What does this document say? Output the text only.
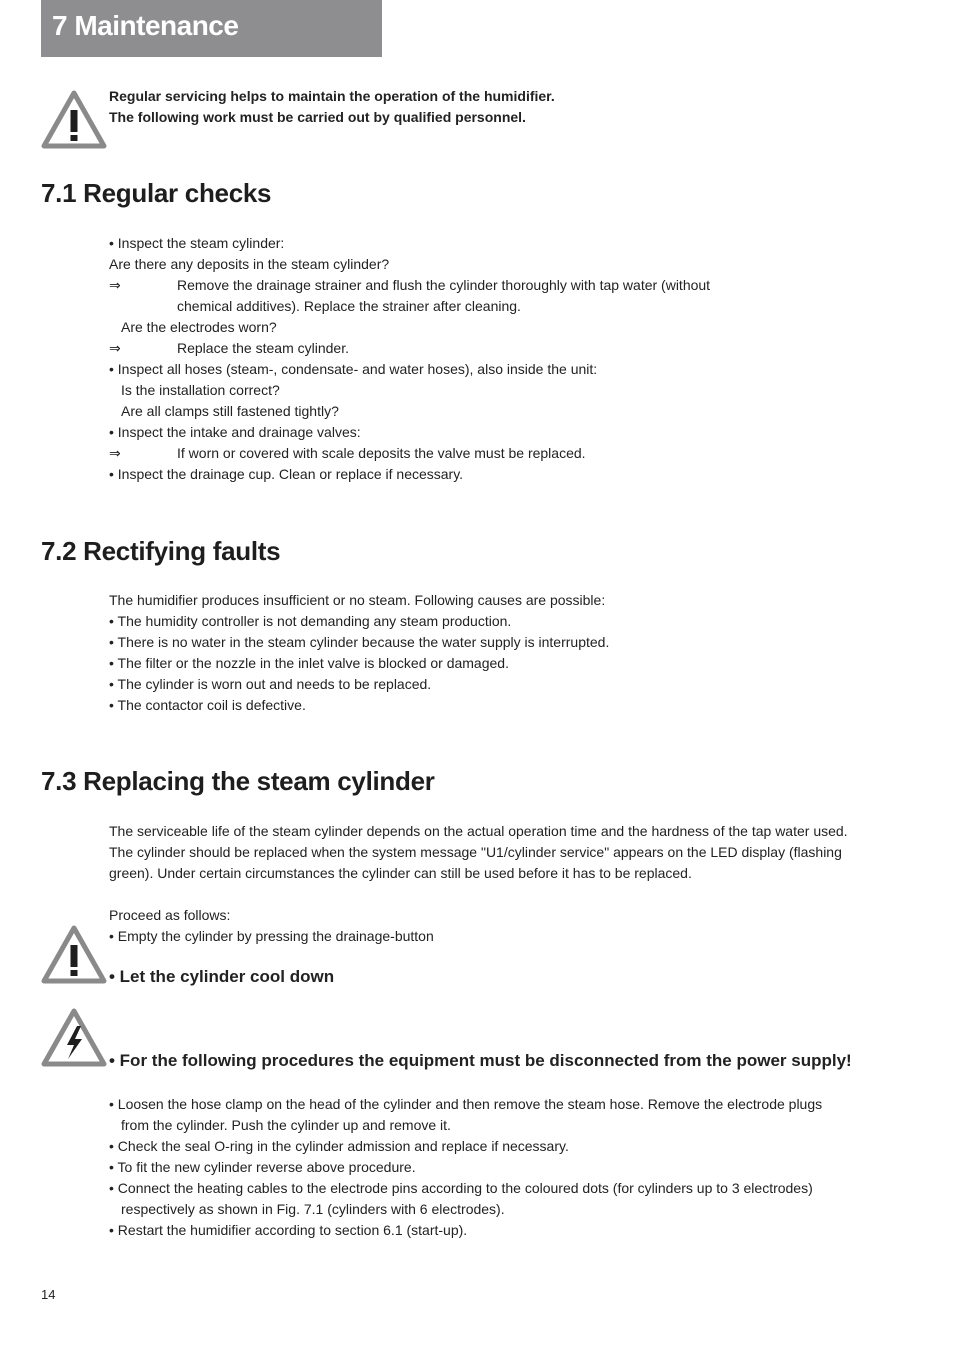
7 Maintenance
Regular servicing helps to maintain the operation of the humidifier.
The following work must be carried out by qualified personnel.
7.1 Regular checks
• Inspect the steam cylinder:
Are there any deposits in the steam cylinder?
⇒	Remove the drainage strainer and flush the cylinder thoroughly with tap water (without
chemical additives). Replace the strainer after cleaning.
Are the electrodes worn?
⇒	Replace the steam cylinder.
• Inspect all hoses (steam-, condensate- and water hoses), also inside the unit:
Is the installation correct?
Are all clamps still fastened tightly?
• Inspect the intake and drainage valves:
⇒	If worn or covered with scale deposits the valve must be replaced.
• Inspect the drainage cup. Clean or replace if necessary.
7.2 Rectifying faults
The humidifier produces insufficient or no steam. Following causes are possible:
• The humidity controller is not demanding any steam production.
• There is no water in the steam cylinder because the water supply is interrupted.
• The filter or the nozzle in the inlet valve is blocked or damaged.
• The cylinder is worn out and needs to be replaced.
• The contactor coil is defective.
7.3 Replacing the steam cylinder
The serviceable life of the steam cylinder depends on the actual operation time and the hardness of the tap water used.
The cylinder should be replaced when the system message "U1/cylinder service" appears on the LED display (flashing
green). Under certain circumstances the cylinder can still be used before it has to be replaced.
Proceed as follows:
• Empty the cylinder by pressing the drainage-button
• Let the cylinder cool down
• For the following procedures the equipment must be disconnected from the power supply!
• Loosen the hose clamp on the head of the cylinder and then remove the steam hose. Remove the electrode plugs
from the cylinder. Push the cylinder up and remove it.
• Check the seal O-ring in the cylinder admission and replace if necessary.
• To fit the new cylinder reverse above procedure.
• Connect the heating cables to the electrode pins according to the coloured dots (for cylinders up to 3 electrodes)
respectively as shown in Fig. 7.1 (cylinders with 6 electrodes).
• Restart the humidifier according to section 6.1 (start-up).
14
